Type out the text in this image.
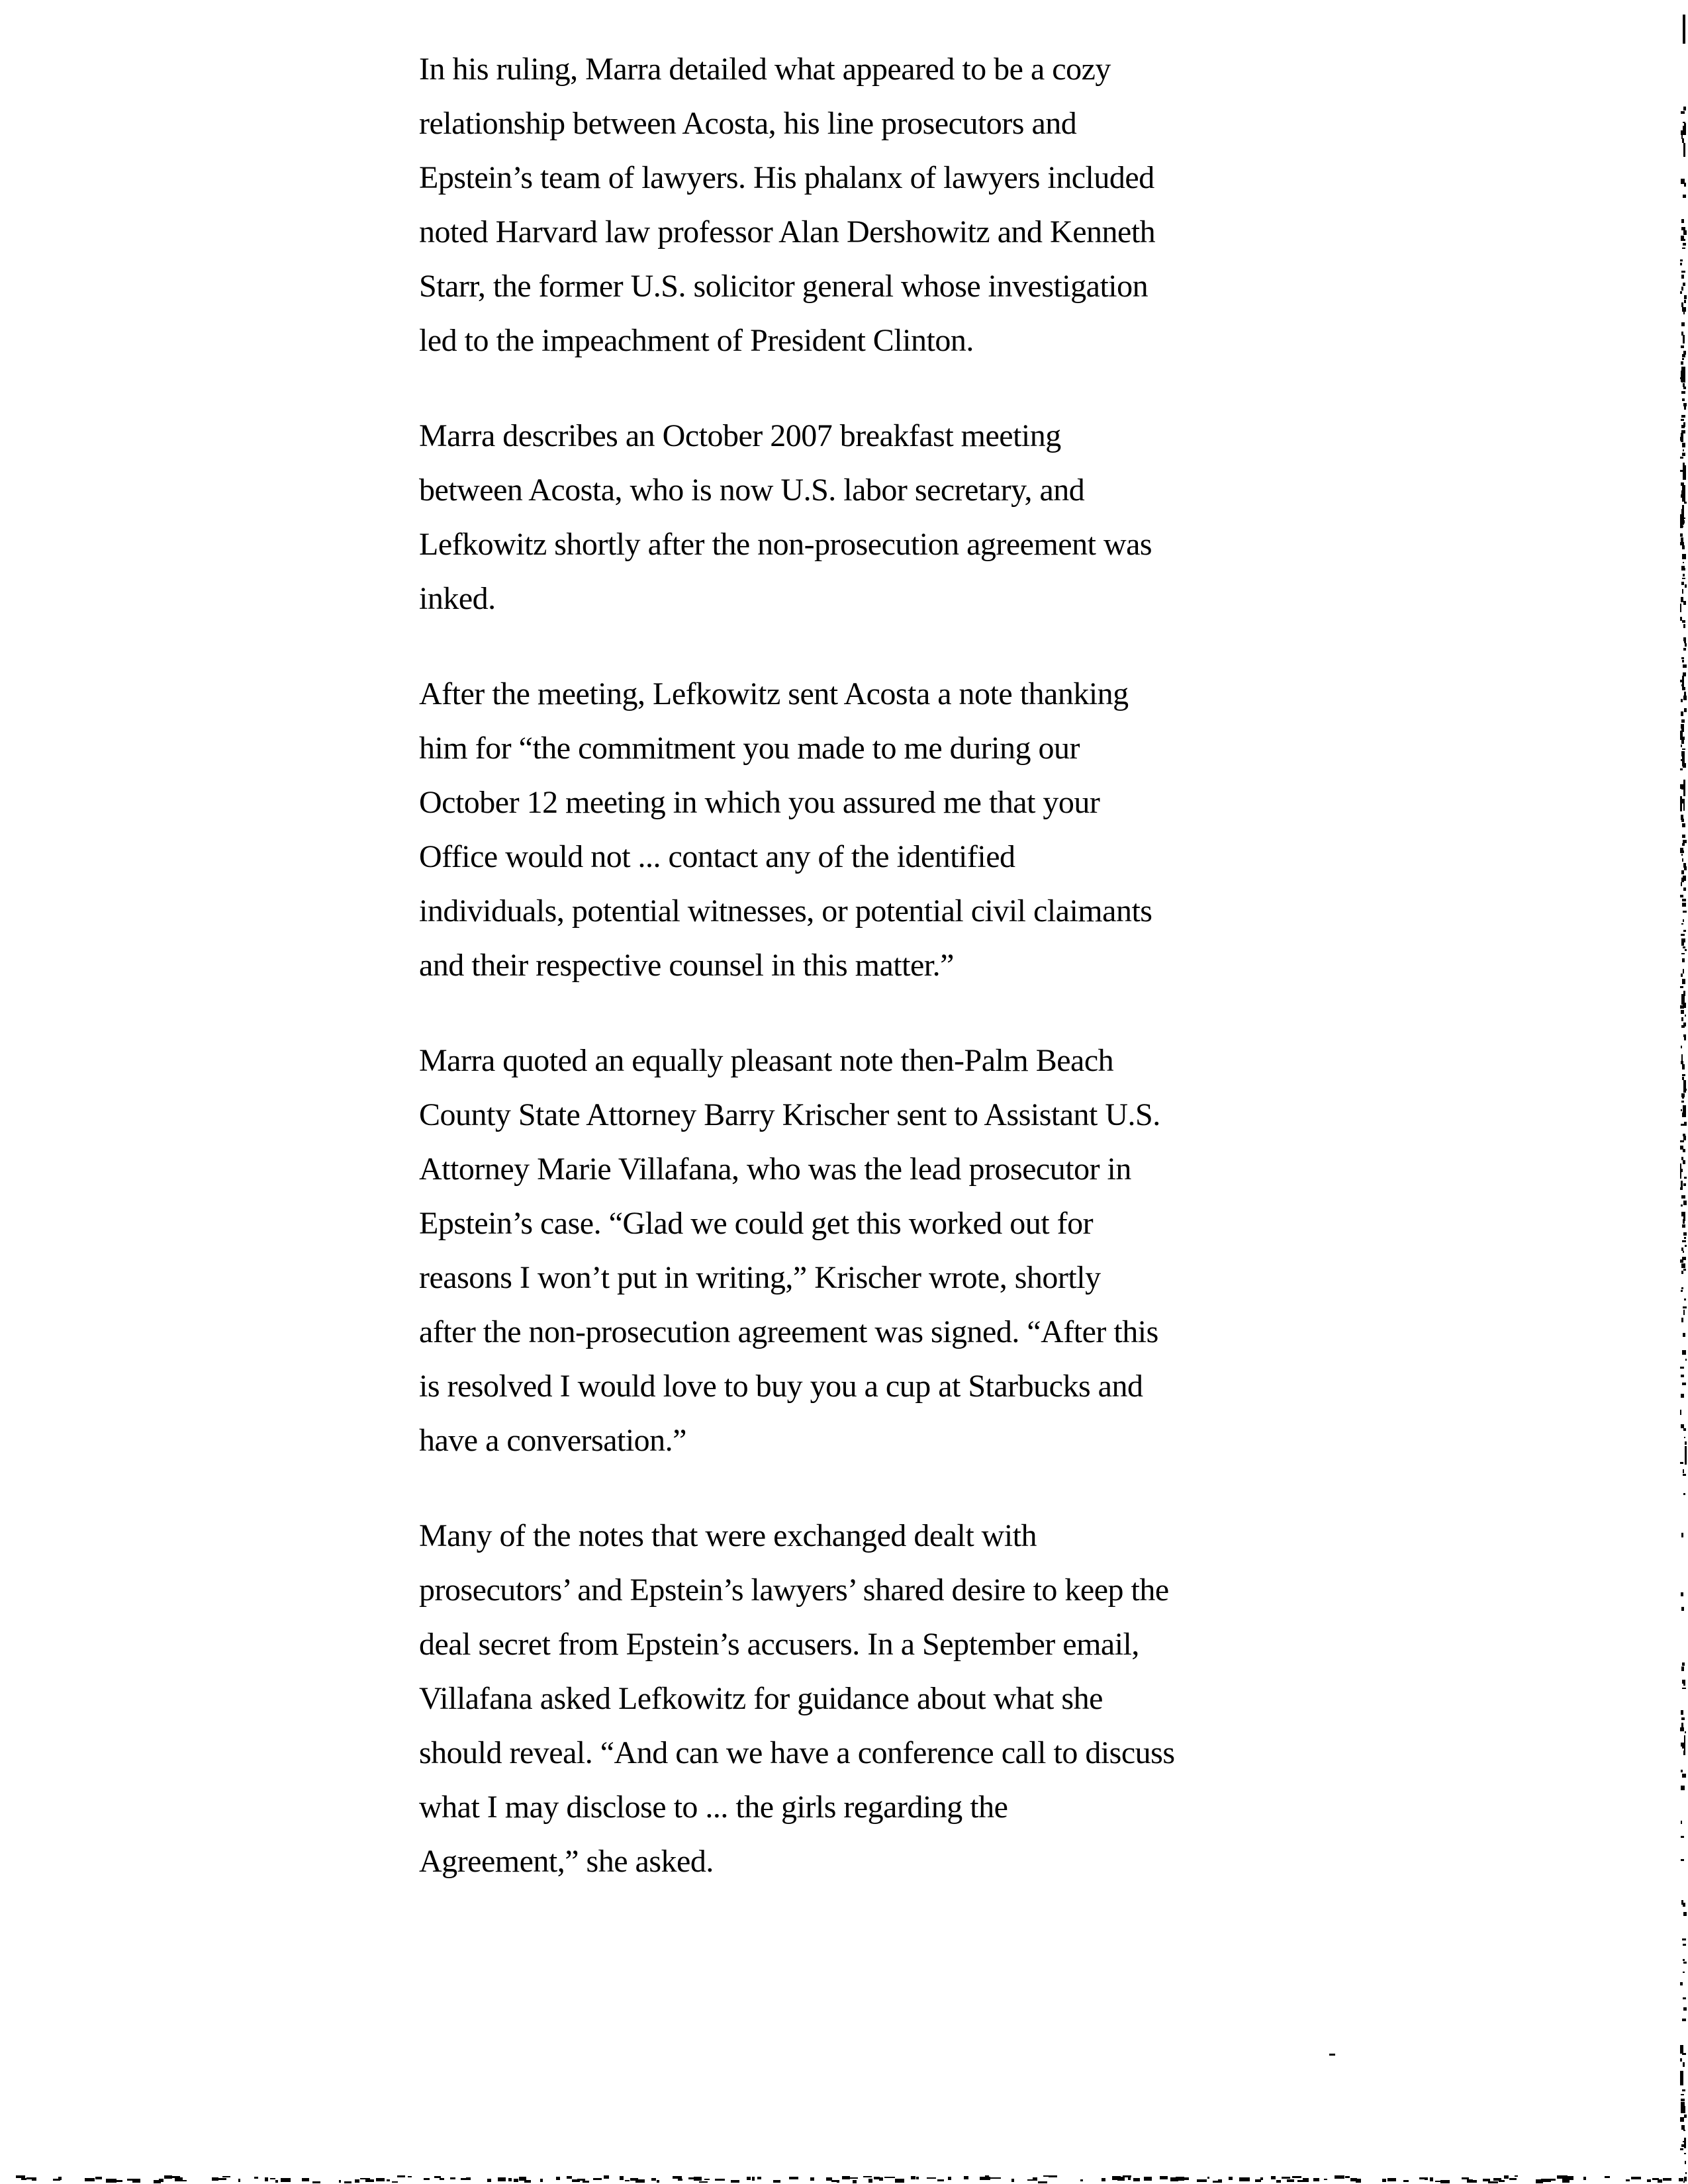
In his ruling, Marra detailed what appeared to be a cozy
relationship between Acosta, his line prosecutors and
Epstein’s team of lawyers. His phalanx of lawyers included
noted Harvard law professor Alan Dershowitz and Kenneth
Starr, the former U.S. solicitor general whose investigation
led to the impeachment of President Clinton.

Marra describes an October 2007 breakfast meeting
between Acosta, who is now U.S. labor secretary, and
Lefkowitz shortly after the non-prosecution agreement was
inked.

After the meeting, Lefkowitz sent Acosta a note thanking
him for “the commitment you made to me during our
October 12 meeting in which you assured me that your
Office would not ... contact any of the identified
individuals, potential witnesses, or potential civil claimants
and their respective counsel in this matter.”

Marra quoted an equally pleasant note then-Palm Beach
County State Attorney Barry Krischer sent to Assistant U.S.
Attorney Marie Villafana, who was the lead prosecutor in
Epstein’s case. “Glad we could get this worked out for
reasons I won’t put in writing,” Krischer wrote, shortly
after the non-prosecution agreement was signed. “After this
is resolved I would love to buy you a cup at Starbucks and
have a conversation.”

Many of the notes that were exchanged dealt with
prosecutors’ and Epstein’s lawyers’ shared desire to keep the
deal secret from Epstein’s accusers. In a September email,
Villafana asked Lefkowitz for guidance about what she
should reveal. “And can we have a conference call to discuss
what I may disclose to ... the girls regarding the
Agreement,” she asked.
